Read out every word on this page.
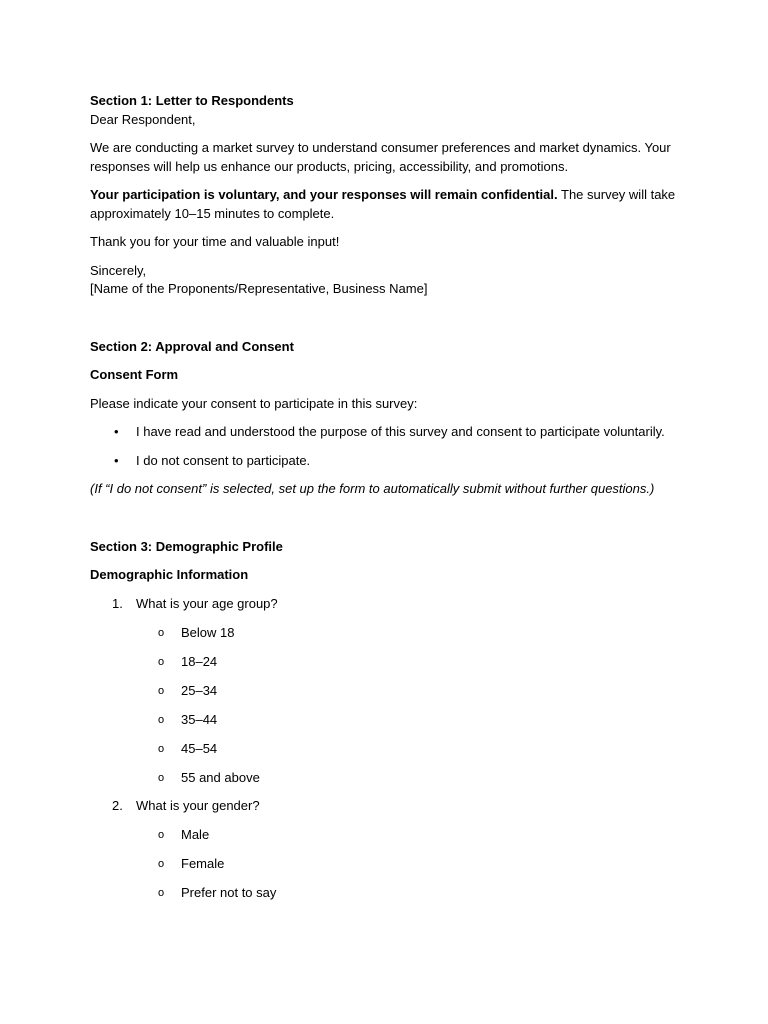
Section 1: Letter to Respondents

Dear Respondent,

We are conducting a market survey to understand consumer preferences and market dynamics. Your responses will help us enhance our products, pricing, accessibility, and promotions.

Your participation is voluntary, and your responses will remain confidential. The survey will take approximately 10–15 minutes to complete.

Thank you for your time and valuable input!

Sincerely,

[Name of the Proponents/Representative, Business Name]

Section 2: Approval and Consent

Consent Form

Please indicate your consent to participate in this survey:

• I have read and understood the purpose of this survey and consent to participate voluntarily.
• I do not consent to participate.

(If “I do not consent” is selected, set up the form to automatically submit without further questions.)

Section 3: Demographic Profile

Demographic Information

1. What is your age group?
o Below 18
o 18–24
o 25–34
o 35–44
o 45–54
o 55 and above
2. What is your gender?
o Male
o Female
o Prefer not to say
